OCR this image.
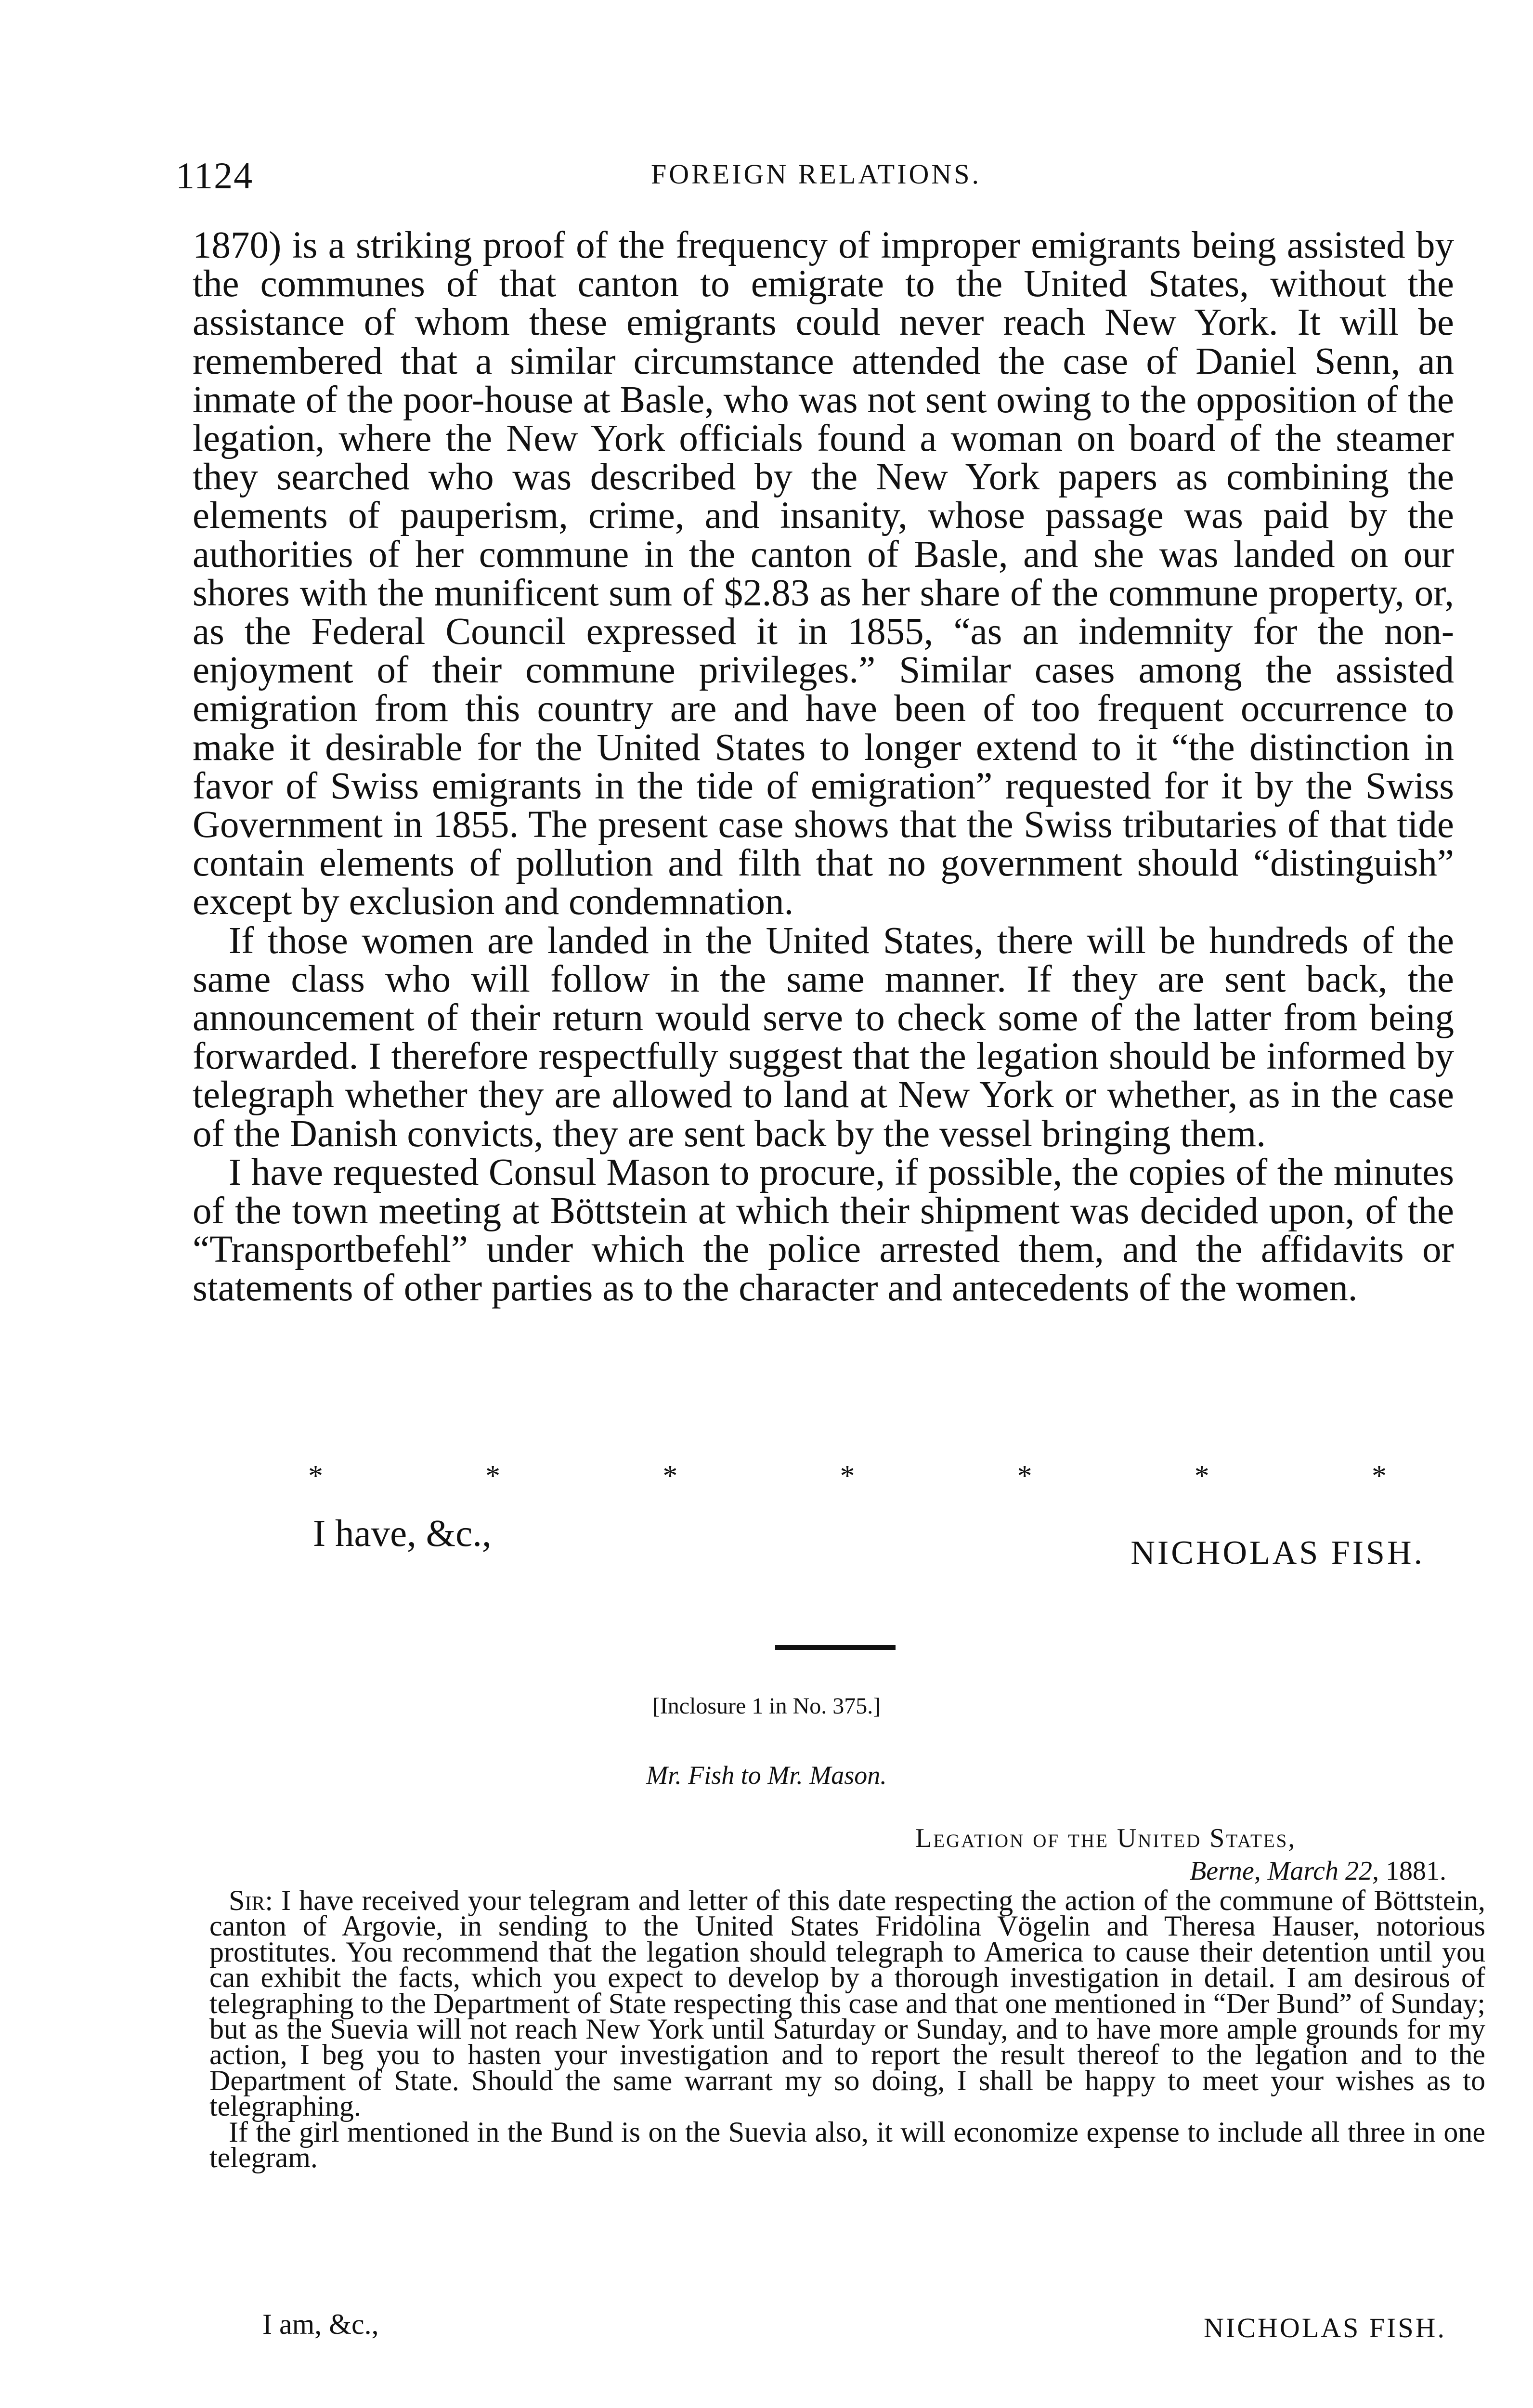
1124	FOREIGN RELATIONS.

1870) is a striking proof of the frequency of improper emigrants being assisted by the communes of that canton to emigrate to the United States, without the assistance of whom these emigrants could never reach New York. It will be remembered that a similar circumstance attended the case of Daniel Senn, an inmate of the poor-house at Basle, who was not sent owing to the opposition of the legation, where the New York officials found a woman on board of the steamer they searched who was described by the New York papers as combining the elements of pauperism, crime, and insanity, whose passage was paid by the authorities of her commune in the canton of Basle, and she was landed on our shores with the munificent sum of $2.83 as her share of the commune property, or, as the Federal Council expressed it in 1855, “as an indemnity for the non-enjoyment of their commune privileges.” Similar cases among the assisted emigration from this country are and have been of too frequent occurrence to make it desirable for the United States to longer extend to it “the distinction in favor of Swiss emigrants in the tide of emigration” requested for it by the Swiss Government in 1855. The present case shows that the Swiss tributaries of that tide contain elements of pollution and filth that no government should “distinguish” except by exclusion and condemnation.

If those women are landed in the United States, there will be hundreds of the same class who will follow in the same manner. If they are sent back, the announcement of their return would serve to check some of the latter from being forwarded. I therefore respectfully suggest that the legation should be informed by telegraph whether they are allowed to land at New York or whether, as in the case of the Danish convicts, they are sent back by the vessel bringing them.

I have requested Consul Mason to procure, if possible, the copies of the minutes of the town meeting at Böttstein at which their shipment was decided upon, of the “Transportbefehl” under which the police arrested them, and the affidavits or statements of other parties as to the character and antecedents of the women.

*	*	*	*	*	*	*
I have, &c.,	NICHOLAS FISH.
[Inclosure 1 in No. 375.]
Mr. Fish to Mr. Mason.
Legation of the United States,
Berne, March 22, 1881.

Sir: I have received your telegram and letter of this date respecting the action of the commune of Böttstein, canton of Argovie, in sending to the United States Fridolina Vögelin and Theresa Hauser, notorious prostitutes. You recommend that the legation should telegraph to America to cause their detention until you can exhibit the facts, which you expect to develop by a thorough investigation in detail. I am desirous of telegraphing to the Department of State respecting this case and that one mentioned in “Der Bund” of Sunday; but as the Suevia will not reach New York until Saturday or Sunday, and to have more ample grounds for my action, I beg you to hasten your investigation and to report the result thereof to the legation and to the Department of State. Should the same warrant my so doing, I shall be happy to meet your wishes as to telegraphing.

If the girl mentioned in the Bund is on the Suevia also, it will economize expense to include all three in one telegram.

I am, &c.,	NICHOLAS FISH.
